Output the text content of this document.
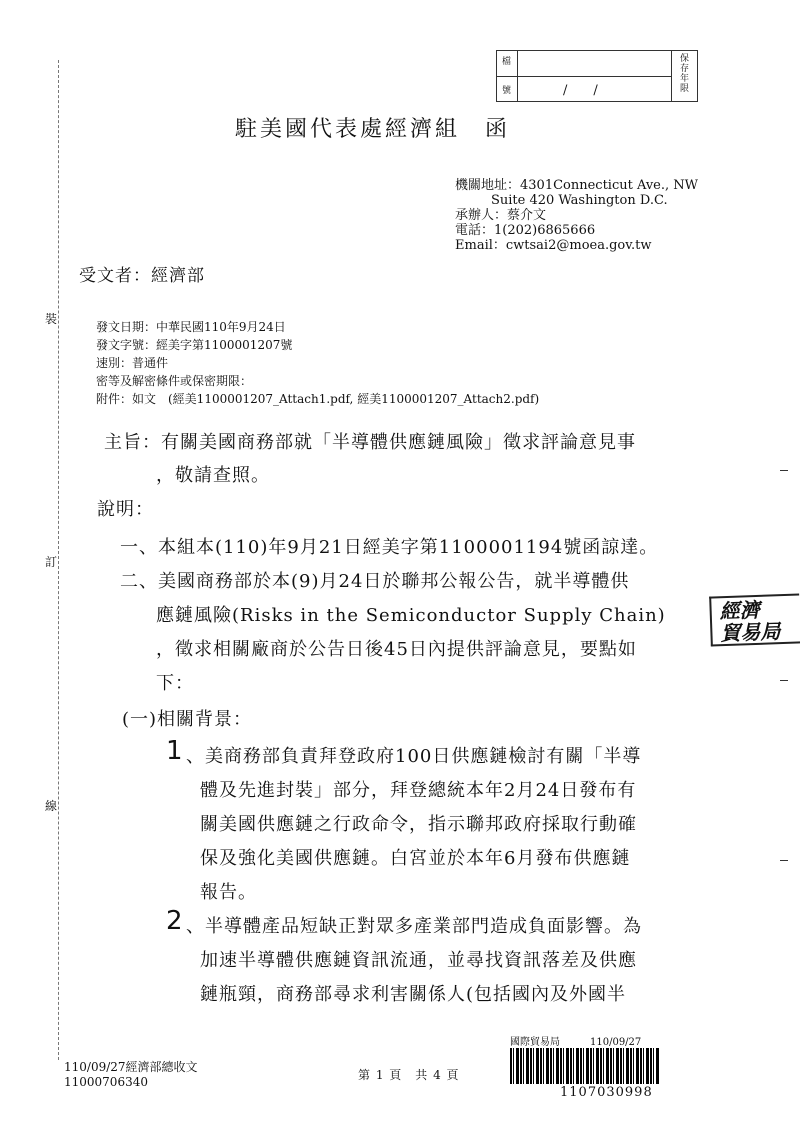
裝
訂
線
檔
號	/　　/
保存年限
駐美國代表處經濟組　函
機關地址：4301Connecticut Ave., NW
Suite 420 Washington D.C.
承辦人：蔡介文
電話：1(202)6865666
Email：cwtsai2@moea.gov.tw
受文者：經濟部
發文日期：中華民國110年9月24日
發文字號：經美字第1100001207號
速別：普通件
密等及解密條件或保密期限：
附件：如文　(經美1100001207_Attach1.pdf, 經美1100001207_Attach2.pdf)
主旨：有關美國商務部就「半導體供應鏈風險」徵求評論意見事
，敬請查照。
說明：
一、本組本(110)年9月21日經美字第1100001194號函諒達。
二、美國商務部於本(9)月24日於聯邦公報公告，就半導體供
應鏈風險(Risks in the Semiconductor Supply Chain)
，徵求相關廠商於公告日後45日內提供評論意見，要點如
下：
(一)相關背景：
1 、美商務部負責拜登政府100日供應鏈檢討有關「半導
體及先進封裝」部分，拜登總統本年2月24日發布有
關美國供應鏈之行政命令，指示聯邦政府採取行動確
保及強化美國供應鏈。白宮並於本年6月發布供應鏈
報告。
2 、半導體產品短缺正對眾多產業部門造成負面影響。為
加速半導體供應鏈資訊流通，並尋找資訊落差及供應
鏈瓶頸，商務部尋求利害關係人(包括國內及外國半
經濟
貿易局
110/09/27經濟部總收文
11000706340	第 1 頁　共 4 頁
國際貿易局　　　110/09/27
1107030998
